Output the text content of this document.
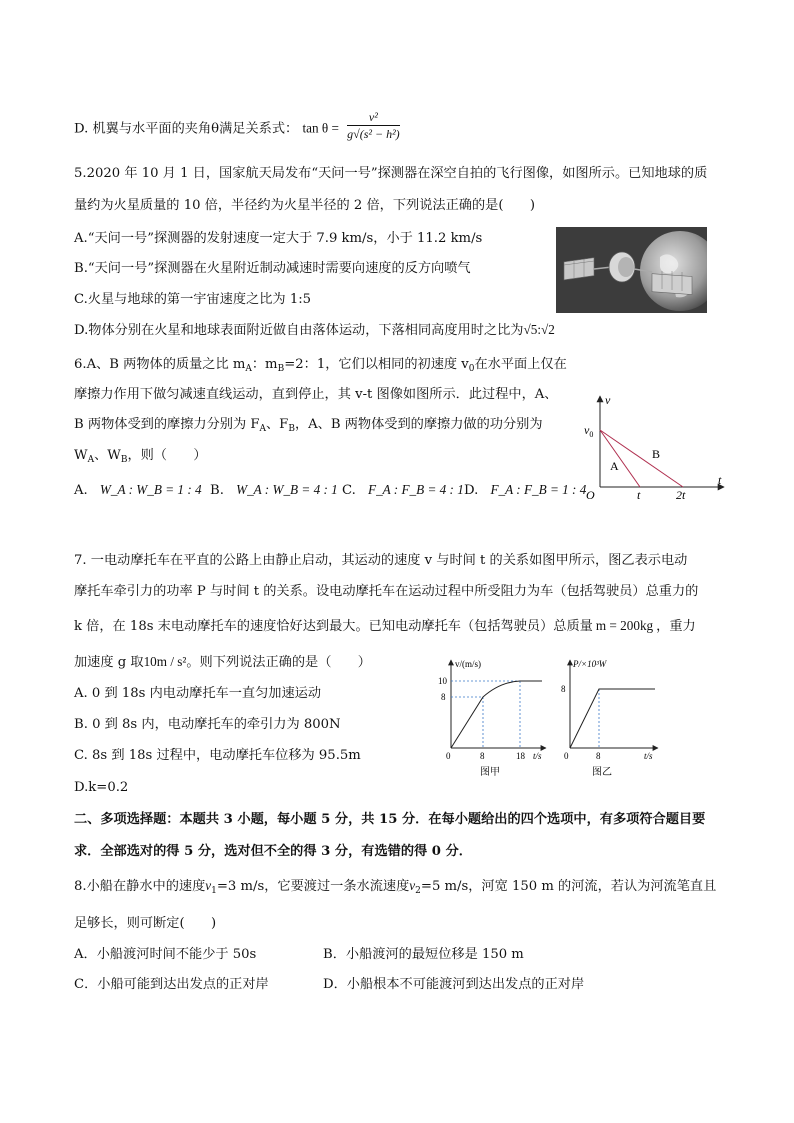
D. 机翼与水平面的夹角θ满足关系式： $\tan \theta = \frac{\text{v²}}{\text{g√(s² − h²)}}$
5.2020 年 10 月 1 日，国家航天局发布“天问一号”探测器在深空自拍的飞行图像，如图所示。已知地球的质
量约为火星质量的 10 倍，半径约为火星半径的 2 倍，下列说法正确的是(　　)
A.“天问一号”探测器的发射速度一定大于 7.9 km/s，小于 11.2 km/s
B.“天问一号”探测器在火星附近制动减速时需要向速度的反方向喷气
C.火星与地球的第一宇宙速度之比为 1:5
D.物体分别在火星和地球表面附近做自由落体运动，下落相同高度用时之比为√5:√2
6.A、B 两物体的质量之比 $m_A$：$m_B=2$：1，它们以相同的初速度 $v_0$在水平面上仅在
摩擦力作用下做匀减速直线运动，直到停止，其 v-t 图像如图所示．此过程中，A、
B 两物体受到的摩擦力分别为 $F_A$、$F_B$，A、B 两物体受到的摩擦力做的功分别为
$W_A$、$W_B$，则（　　）
A. W_A : W_B = 1 : 4 B. W_A : W_B = 4 : 1 C. F_A : F_B = 4 : 1 D. F_A : F_B = 1 : 4
v
t
O
$v_0$
A
B
t	2t
7. 一电动摩托车在平直的公路上由静止启动，其运动的速度 v 与时间 t 的关系如图甲所示，图乙表示电动
摩托车牵引力的功率 P 与时间 t 的关系。设电动摩托车在运动过程中所受阻力为车（包括驾驶员）总重力的
k 倍，在 18s 末电动摩托车的速度恰好达到最大。已知电动摩托车（包括驾驶员）总质量 m = 200kg ，重力
加速度 g 取10m / s²。则下列说法正确的是（　　）
A. 0 到 18s 内电动摩托车一直匀加速运动
B. 0 到 8s 内，电动摩托车的牵引力为 800N
C. 8s 到 18s 过程中，电动摩托车位移为 95.5m
D.k=0.2
v/(m/s)
t/s
0
10
8
8	18
图甲
P/×10³W
t/s
0
8
8
图乙
二、多项选择题：本题共 3 小题，每小题 5 分，共 15 分．在每小题给出的四个选项中，有多项符合题目要
求．全部选对的得 5 分，选对但不全的得 3 分，有选错的得 0 分．
8.小船在静水中的速度$v_1=3$ m/s，它要渡过一条水流速度$v_2=5$ m/s，河宽 150 m 的河流，若认为河流笔直且
足够长，则可断定(　　)
A．小船渡河时间不能少于 50s	B．小船渡河的最短位移是 150 m
C．小船可能到达出发点的正对岸	D．小船根本不可能渡河到达出发点的正对岸
